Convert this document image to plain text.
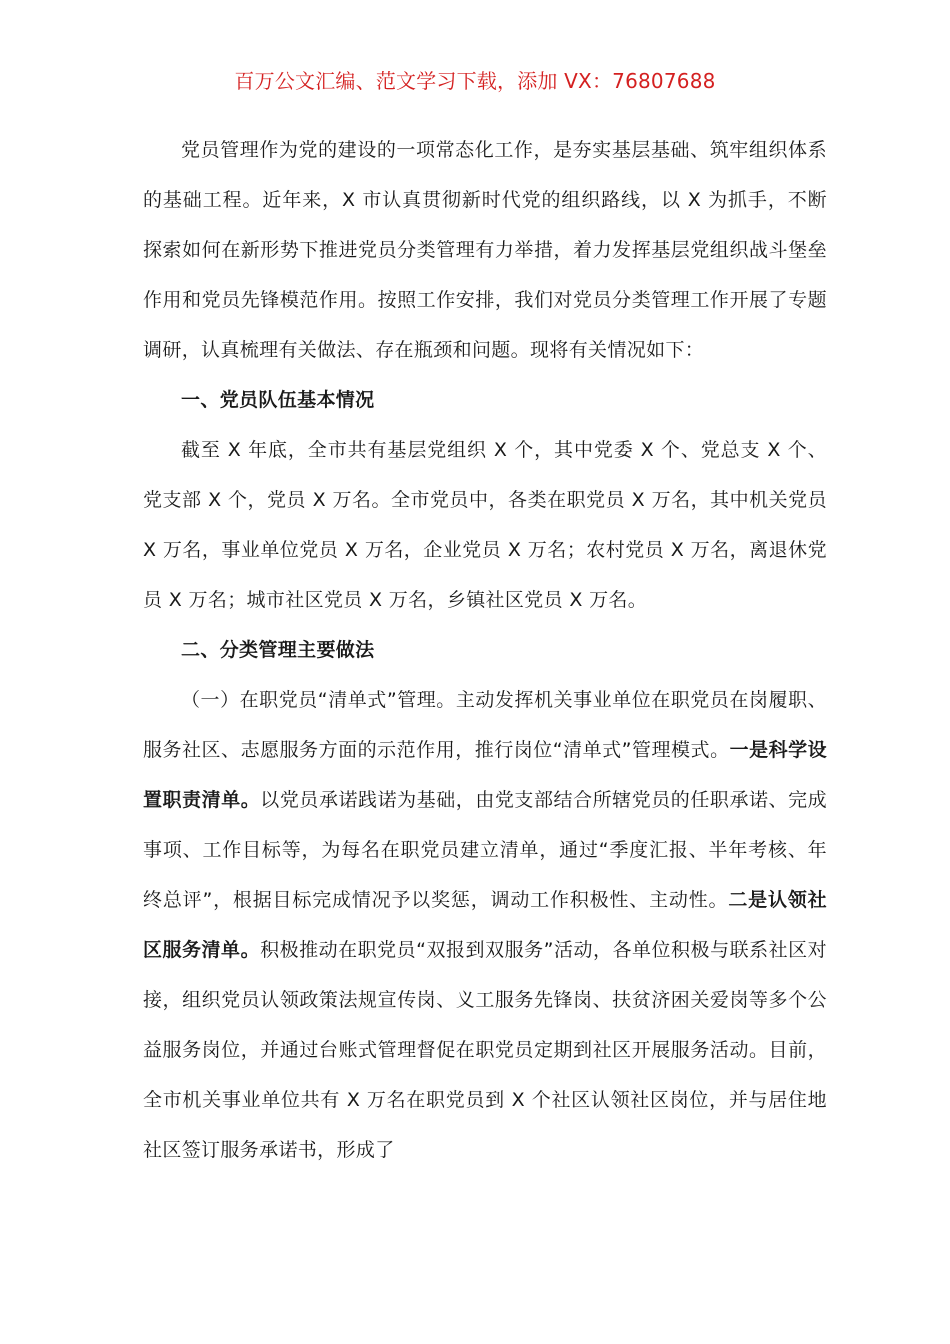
百万公文汇编、范文学习下载，添加 VX：76807688

党员管理作为党的建设的一项常态化工作，是夯实基层基础、筑牢组织体系的基础工程。近年来，X 市认真贯彻新时代党的组织路线，以 X 为抓手，不断探索如何在新形势下推进党员分类管理有力举措，着力发挥基层党组织战斗堡垒作用和党员先锋模范作用。按照工作安排，我们对党员分类管理工作开展了专题调研，认真梳理有关做法、存在瓶颈和问题。现将有关情况如下：

一、党员队伍基本情况

截至 X 年底，全市共有基层党组织 X 个，其中党委 X 个、党总支 X 个、党支部 X 个，党员 X 万名。全市党员中，各类在职党员 X 万名，其中机关党员 X 万名，事业单位党员 X 万名，企业党员 X 万名；农村党员 X 万名，离退休党员 X 万名；城市社区党员 X 万名，乡镇社区党员 X 万名。

二、分类管理主要做法

（一）在职党员“清单式”管理。主动发挥机关事业单位在职党员在岗履职、服务社区、志愿服务方面的示范作用，推行岗位“清单式”管理模式。一是科学设置职责清单。以党员承诺践诺为基础，由党支部结合所辖党员的任职承诺、完成事项、工作目标等，为每名在职党员建立清单，通过“季度汇报、半年考核、年终总评”，根据目标完成情况予以奖惩，调动工作积极性、主动性。二是认领社区服务清单。积极推动在职党员“双报到双服务”活动，各单位积极与联系社区对接，组织党员认领政策法规宣传岗、义工服务先锋岗、扶贫济困关爱岗等多个公益服务岗位，并通过台账式管理督促在职党员定期到社区开展服务活动。目前，全市机关事业单位共有 X 万名在职党员到 X 个社区认领社区岗位，并与居住地社区签订服务承诺书，形成了
